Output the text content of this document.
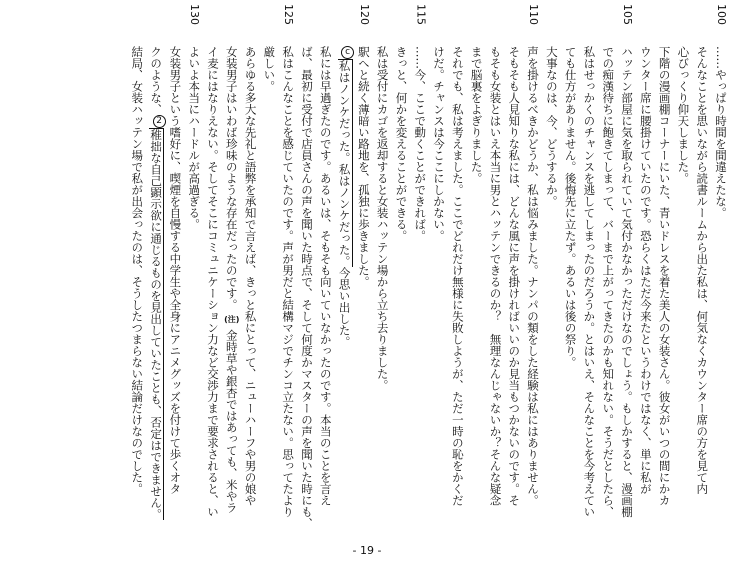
100
……やっぱり時間を間違えたな。
そんなことを思いながら読書ルームから出た私は、何気なくカウンター席の方を見て内
心びっくり仰天しました。
下階の漫画棚コーナーにいた、青いドレスを着た美人の女装さん。彼女がいつの間にかカ
ウンター席に腰掛けていたのです。恐らくはただ今来たというわけではなく、単に私が
105
ハッテン部屋に気を取られていて気付かなかっただけなのでしょう。もしかすると、漫画棚
での痴漢待ちに飽きてしまって、バーまで上がってきたのかも知れない。そうだとしたら、
私はせっかくのチャンスを逃してしまったのだろうか。とはいえ、そんなことを今考えてい
ても仕方がありません。後悔先に立たず。あるいは後の祭り。
大事なのは、今、どうするか。
110
声を掛けるべきかどうか、私は悩みました。ナンパの類をした経験は私にはありません。
そもそも人見知りな私には、どんな風に声を掛ければいいのか見当もつかないのです。そ
もそも女装とはいえ本当に男とハッテンできるのか？　無理なんじゃないか？そんな疑念
まで脳裏をよぎりました。
それでも、私は考えました。ここでどれだけ無様に失敗しようが、ただ一時の恥をかくだ
けだ。チャンスは今ここにしかない。
115
……今、ここで動くことができれば。
きっと、何かを変えることができる。
私は受付にカゴを返却すると女装ハッテン場から立ち去りました。
120
駅へと続く薄暗い路地を、孤独に歩きました。
c私はノンケだった。私はノンケだった。今思い出した。
私には早過ぎたのです。あるいは、そもそも向いていなかったのです。本当のことを言え
ば、最初に受付で店員さんの声を聞いた時点で、そして何度かマスターの声を聞いた時にも、
125
私はこんなことを感じていたのです。声が男だと結構マジでチンコ立たない。思ってたより
厳しい。
あらゆる多大な先礼と語弊を承知で言えば、きっと私にとって、ニューハーフや男の娘や
女装男子はいわば珍味のような存在だったのです。(注)金時草や銀杏ではあっても、米やラ
イ麦にはなりえない。そしてそこにコミュニケーション力など交渉力まで要求されると、い
130
よいよ本当にハードルが高過ぎる。
女装男子という嗜好に、喫煙を自慢する中学生や全身にアニメグッズを付けて歩くオタ
クのような、2稚拙な自己顕示欲に通じるものを見出していたことも、否定はできません。
結局、女装ハッテン場で私が出会ったのは、そうしたつまらない結論だけなのでした。
- 19 -
